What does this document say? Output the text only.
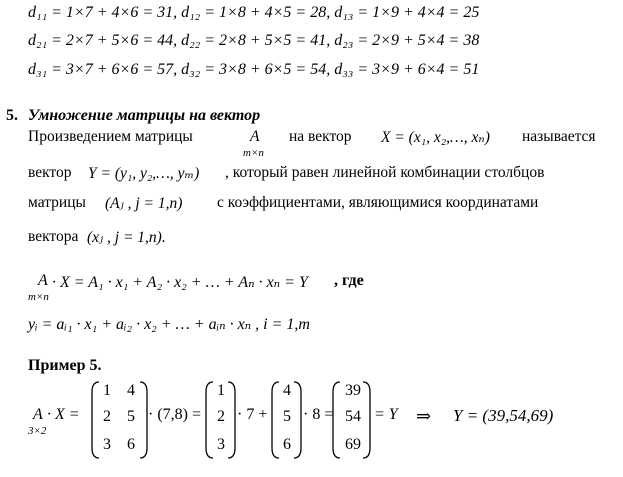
d₁₁ = 1×7 + 4×6 = 31, d₁₂ = 1×8 + 4×5 = 28, d₁₃ = 1×9 + 4×4 = 25
d₂₁ = 2×7 + 5×6 = 44, d₂₂ = 2×8 + 5×5 = 41, d₂₃ = 2×9 + 5×4 = 38
d₃₁ = 3×7 + 6×6 = 57, d₃₂ = 3×8 + 6×5 = 54, d₃₃ = 3×9 + 6×4 = 51
5. Умножение матрицы на вектор
Произведением матрицы	A
m×n
на вектор X = (x₁, x₂,…, xₙ) называется
вектор Y = (y₁, y₂,…, yₘ) , который равен линейной комбинации столбцов
матрицы (Aⱼ , j = 1,n) с коэффициентами, являющимися координатами
вектора (xⱼ , j = 1,n).
A
m×n
· X = A₁ · x₁ + A₂ · x₂ + … + Aₙ · xₙ = Y , где
yᵢ = aᵢ₁ · x₁ + aᵢ₂ · x₂ + … + aᵢₙ · xₙ , i = 1,m
Пример 5.
A
3×2
· X =
1 4
2 5
3 6
· (7,8) =
1
2
3
· 7 +
4
5
6
· 8 =
39
54
69
= Y ⇒ Y = (39,54,69)
